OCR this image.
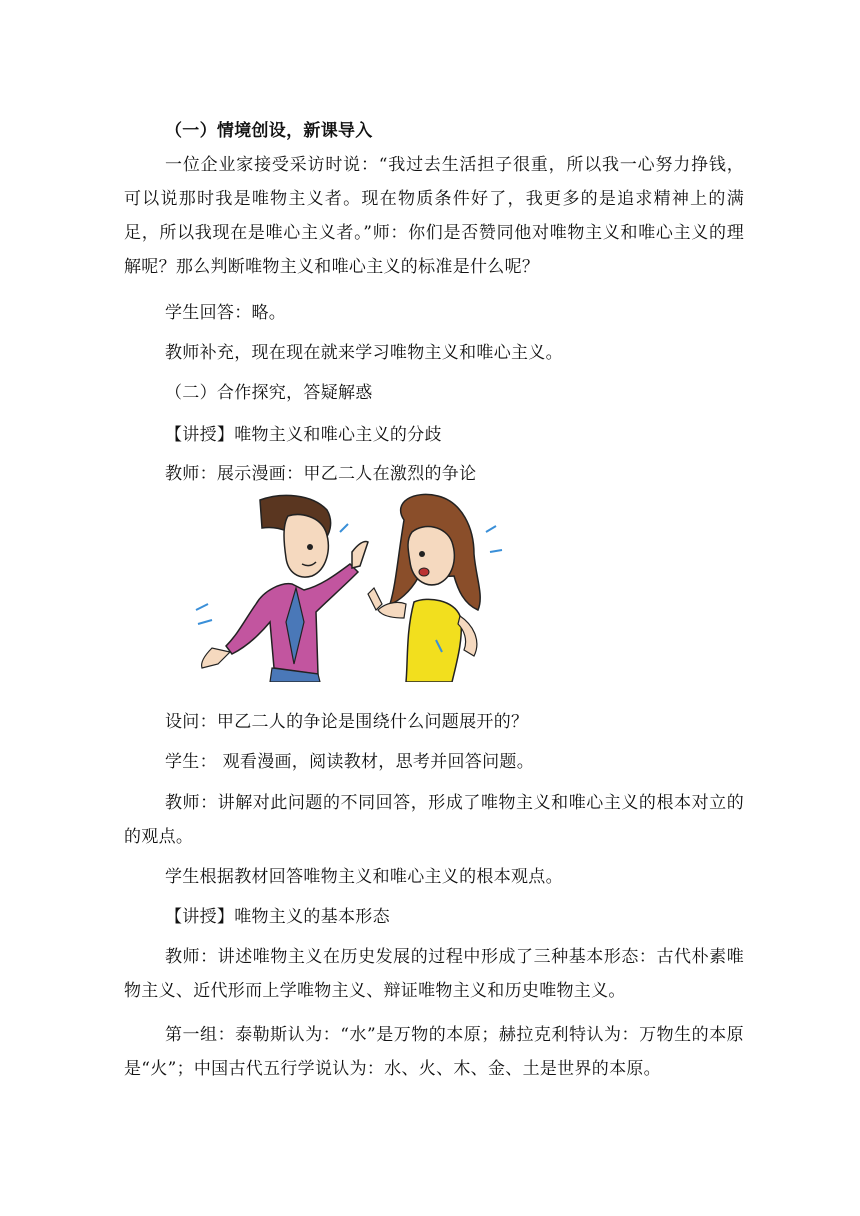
（一）情境创设，新课导入
一位企业家接受采访时说：“我过去生活担子很重，所以我一心努力挣钱，可以说那时我是唯物主义者。现在物质条件好了，我更多的是追求精神上的满足，所以我现在是唯心主义者。”师：你们是否赞同他对唯物主义和唯心主义的理解呢？那么判断唯物主义和唯心主义的标准是什么呢？
学生回答：略。
教师补充，现在现在就来学习唯物主义和唯心主义。
（二）合作探究，答疑解惑
【讲授】唯物主义和唯心主义的分歧
教师：展示漫画：甲乙二人在激烈的争论
设问：甲乙二人的争论是围绕什么问题展开的？
学生： 观看漫画，阅读教材，思考并回答问题。
教师：讲解对此问题的不同回答，形成了唯物主义和唯心主义的根本对立的的观点。
学生根据教材回答唯物主义和唯心主义的根本观点。
【讲授】唯物主义的基本形态
教师：讲述唯物主义在历史发展的过程中形成了三种基本形态：古代朴素唯物主义、近代形而上学唯物主义、辩证唯物主义和历史唯物主义。
第一组：泰勒斯认为：“水”是万物的本原；赫拉克利特认为：万物生的本原是“火”；中国古代五行学说认为：水、火、木、金、土是世界的本原。
